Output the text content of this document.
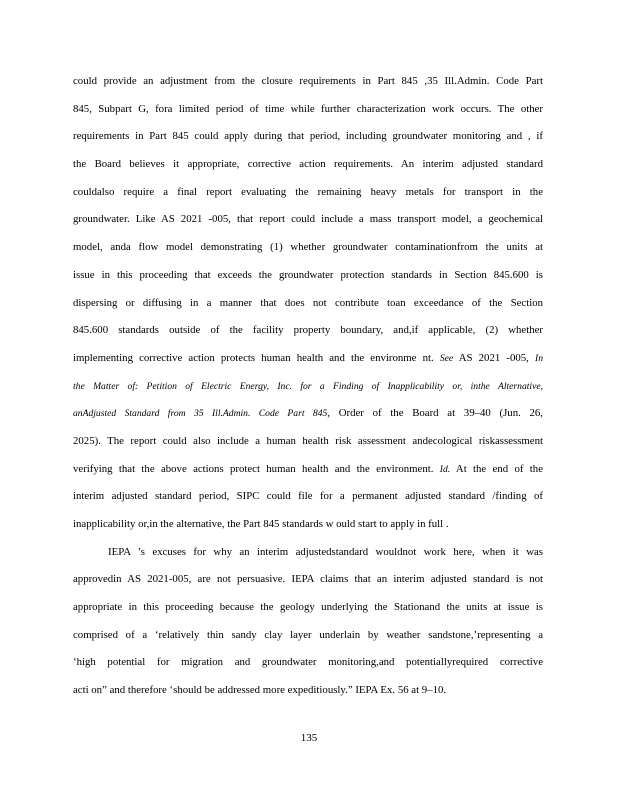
could provide an adjustment from the closure requirements in Part 845 ,35 Ill.Admin. Code Part
845, Subpart G, fora limited period of time while further characterization work occurs. The other
requirements in Part 845 could apply during that period, including groundwater monitoring and , if
the Board believes it appropriate, corrective action requirements. An interim adjusted standard
couldalso require a final report evaluating the remaining heavy metals for transport in the
groundwater. Like AS 2021 -005, that report could include a mass transport model, a geochemical
model, anda flow model demonstrating (1) whether groundwater contaminationfrom the units at
issue in this proceeding that exceeds the groundwater protection standards in Section 845.600 is
dispersing or diffusing in a manner that does not contribute toan exceedance of the Section
845.600 standards outside of the facility property boundary, and,if applicable, (2) whether
implementing corrective action protects human health and the environme nt. See AS 2021 -005, In
the Matter of: Petition of Electric Energy, Inc. for a Finding of Inapplicability or, inthe Alternative,
anAdjusted Standard from 35 Ill.Admin. Code Part 845, Order of the Board at 39–40 (Jun. 26,
2025). The report could also include a human health risk assessment andecological riskassessment
verifying that the above actions protect human health and the environment. Id. At the end of the
interim adjusted standard period, SIPC could file for a permanent adjusted standard /finding of
inapplicability or,in the alternative, the Part 845 standards w ould start to apply in full .
IEPA ’s excuses for why an interim adjustedstandard wouldnot work here, when it was
approvedin AS 2021-005, are not persuasive. IEPA claims that an interim adjusted standard is not
appropriate in this proceeding because the geology underlying the Stationand the units at issue is
comprised of a ‘relatively thin sandy clay layer underlain by weather sandstone,’representing a
‘high potential for migration and groundwater monitoring,and potentiallyrequired corrective
acti on” and therefore ‘should be addressed more expeditiously.” IEPA Ex. 56 at 9–10.
135
